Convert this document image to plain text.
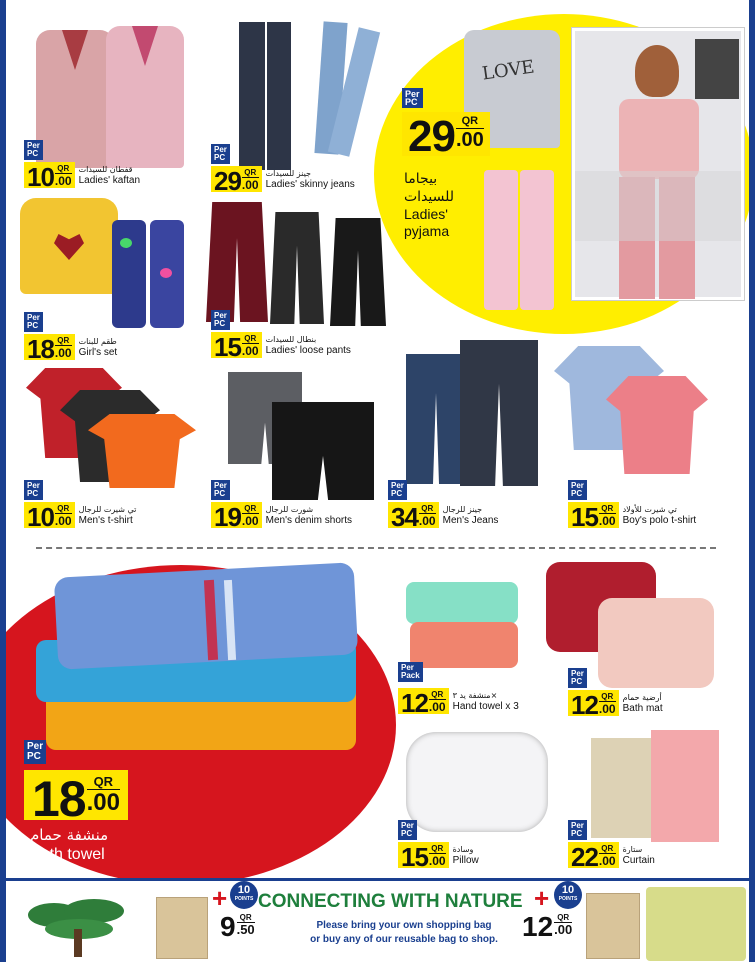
Per
PC
10 QR
.00
قفطان للسيدات
Ladies' kaftan
Per
PC
29 QR
.00
جينز للسيدات
Ladies' skinny jeans
LOVE
Per
PC
29 QR
.00
بيجاما للسيدات
Ladies' pyjama
Per
PC
18 QR
.00
طقم للبنات
Girl's set
Per
PC
15 QR
.00
بنطال للسيدات
Ladies' loose pants
Per
PC
10 QR
.00
تي شيرت للرجال
Men's t-shirt
Per
PC
19 QR
.00
شورت للرجال
Men's denim shorts
Per
PC
34 QR
.00
جينز للرجال
Men's Jeans
Per
PC
15 QR
.00
تي شيرت للأولاد
Boy's polo t-shirt
Per
PC
18 QR
.00
منشفة حمام
Bath towel
Per
Pack
12 QR
.00
منشفة يد ٣×
Hand towel x 3
Per
PC
12 QR
.00
أرضية حمام
Bath mat
Per
PC
15 QR
.00
وسادة
Pillow
Per
PC
22 QR
.00
ستارة
Curtain
+ 10
POINTS
9 QR
.50
CONNECTING WITH NATURE
Please bring your own shopping bag
or buy any of our reusable bag to shop.
+	10
POINTS
12 QR
.00
